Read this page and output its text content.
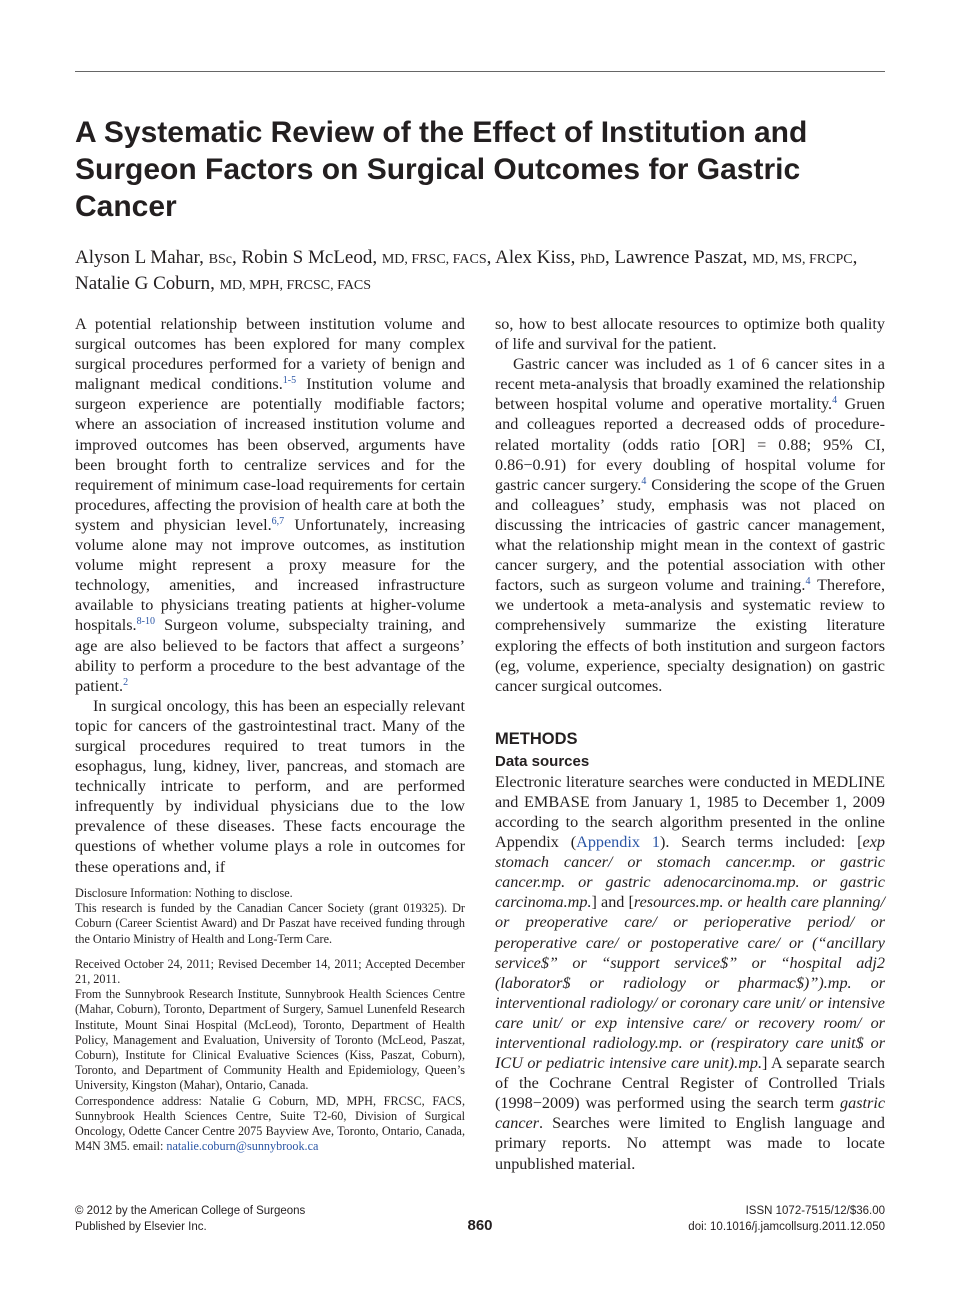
A Systematic Review of the Effect of Institution and Surgeon Factors on Surgical Outcomes for Gastric Cancer
Alyson L Mahar, BSc, Robin S McLeod, MD, FRSC, FACS, Alex Kiss, PhD, Lawrence Paszat, MD, MS, FRCPC, Natalie G Coburn, MD, MPH, FRCSC, FACS

A potential relationship between institution volume and surgical outcomes has been explored for many complex surgical procedures performed for a variety of benign and malignant medical conditions.$^{1-5}$ Institution volume and surgeon experience are potentially modifiable factors; where an association of increased institution volume and improved outcomes has been observed, arguments have been brought forth to centralize services and for the requirement of minimum case-load requirements for certain procedures, affecting the provision of health care at both the system and physician level.$^{6,7}$ Unfortunately, increasing volume alone may not improve outcomes, as institution volume might represent a proxy measure for the technology, amenities, and increased infrastructure available to physicians treating patients at higher-volume hospitals.$^{8-10}$ Surgeon volume, subspecialty training, and age are also believed to be factors that affect a surgeons’ ability to perform a procedure to the best advantage of the patient.$^2$

In surgical oncology, this has been an especially relevant topic for cancers of the gastrointestinal tract. Many of the surgical procedures required to treat tumors in the esophagus, lung, kidney, liver, pancreas, and stomach are technically intricate to perform, and are performed infrequently by individual physicians due to the low prevalence of these diseases. These facts encourage the questions of whether volume plays a role in outcomes for these operations and, if

Disclosure Information: Nothing to disclose.

This research is funded by the Canadian Cancer Society (grant 019325). Dr Coburn (Career Scientist Award) and Dr Paszat have received funding through the Ontario Ministry of Health and Long-Term Care.

Received October 24, 2011; Revised December 14, 2011; Accepted December 21, 2011.

From the Sunnybrook Research Institute, Sunnybrook Health Sciences Centre (Mahar, Coburn), Toronto, Department of Surgery, Samuel Lunenfeld Research Institute, Mount Sinai Hospital (McLeod), Toronto, Department of Health Policy, Management and Evaluation, University of Toronto (McLeod, Paszat, Coburn), Institute for Clinical Evaluative Sciences (Kiss, Paszat, Coburn), Toronto, and Department of Community Health and Epidemiology, Queen’s University, Kingston (Mahar), Ontario, Canada.

Correspondence address: Natalie G Coburn, MD, MPH, FRCSC, FACS, Sunnybrook Health Sciences Centre, Suite T2-60, Division of Surgical Oncology, Odette Cancer Centre 2075 Bayview Ave, Toronto, Ontario, Canada, M4N 3M5. email: natalie.coburn@sunnybrook.ca

so, how to best allocate resources to optimize both quality of life and survival for the patient.

Gastric cancer was included as 1 of 6 cancer sites in a recent meta-analysis that broadly examined the relationship between hospital volume and operative mortality.$^4$ Gruen and colleagues reported a decreased odds of procedure-related mortality (odds ratio [OR] = 0.88; 95% CI, 0.86−0.91) for every doubling of hospital volume for gastric cancer surgery.$^4$ Considering the scope of the Gruen and colleagues’ study, emphasis was not placed on discussing the intricacies of gastric cancer management, what the relationship might mean in the context of gastric cancer surgery, and the potential association with other factors, such as surgeon volume and training.$^4$ Therefore, we undertook a meta-analysis and systematic review to comprehensively summarize the existing literature exploring the effects of both institution and surgeon factors (eg, volume, experience, specialty designation) on gastric cancer surgical outcomes.

METHODS
Data sources

Electronic literature searches were conducted in MEDLINE and EMBASE from January 1, 1985 to December 1, 2009 according to the search algorithm presented in the online Appendix (Appendix 1). Search terms included: [exp stomach cancer/ or stomach cancer.mp. or gastric cancer.mp. or gastric adenocarcinoma.mp. or gastric carcinoma.mp.] and [resources.mp. or health care planning/ or preoperative care/ or perioperative period/ or peroperative care/ or postoperative care/ or (“ancillary service$” or “support service$” or “hospital adj2 (laborator$ or radiology or pharmac$)”).mp. or interventional radiology/ or coronary care unit/ or intensive care unit/ or exp intensive care/ or recovery room/ or interventional radiology.mp. or (respiratory care unit$ or ICU or pediatric intensive care unit).mp.] A separate search of the Cochrane Central Register of Controlled Trials (1998−2009) was performed using the search term gastric cancer. Searches were limited to English language and primary reports. No attempt was made to locate unpublished material.

© 2012 by the American College of Surgeons
Published by Elsevier Inc.	860
ISSN 1072-7515/12/$36.00
doi: 10.1016/j.jamcollsurg.2011.12.050
